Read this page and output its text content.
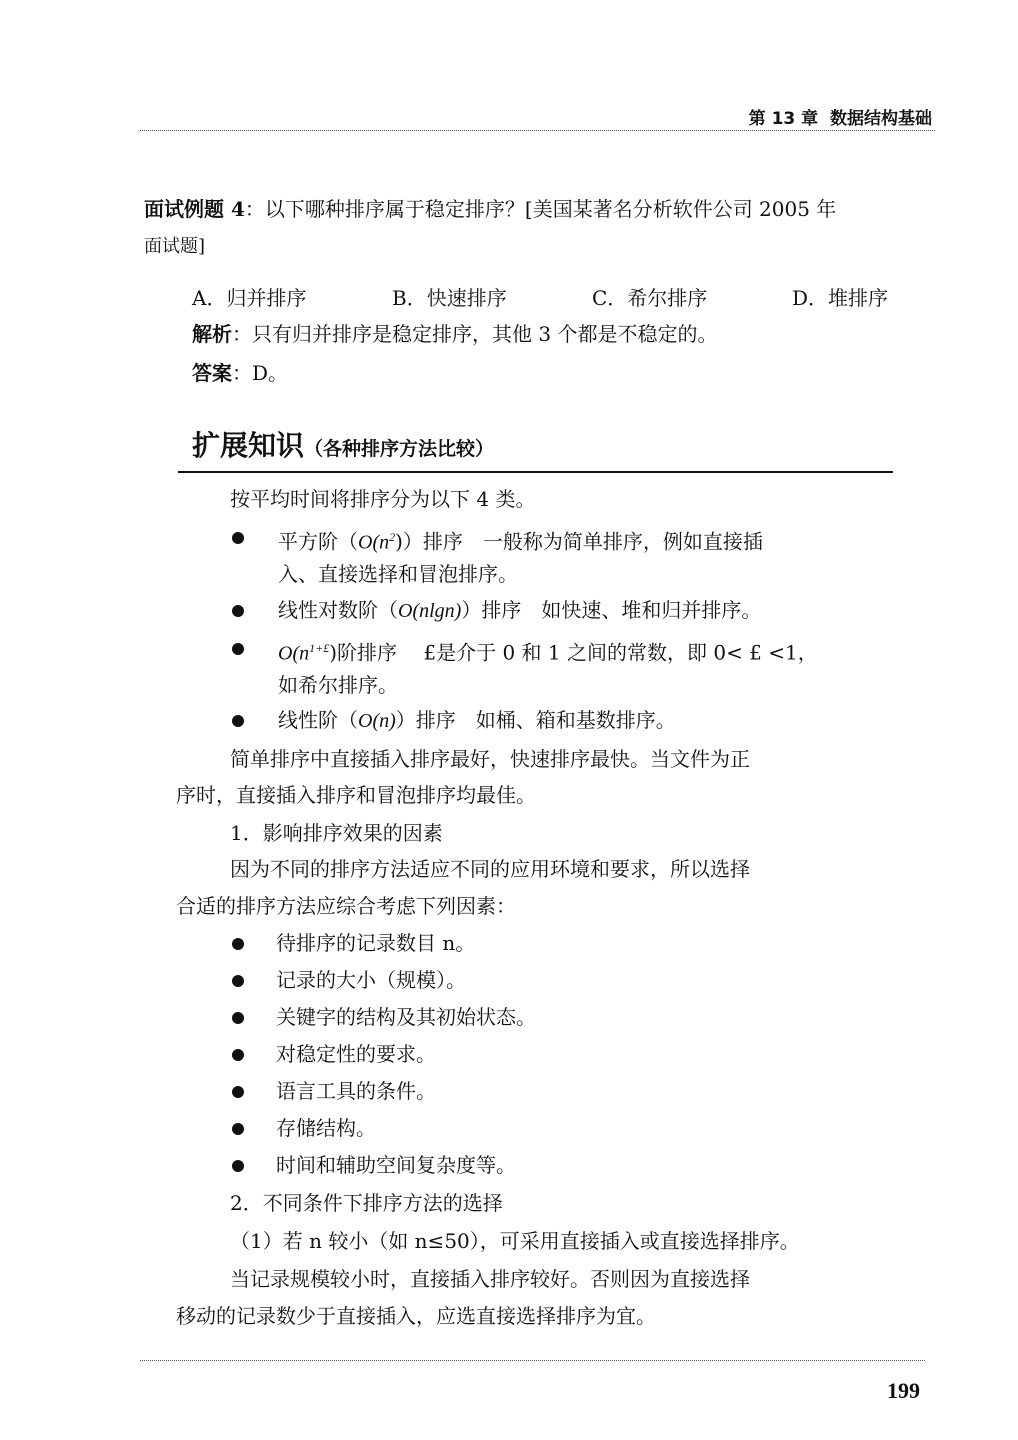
第 13 章 数据结构基础
面试例题 4：以下哪种排序属于稳定排序？[美国某著名分析软件公司 2005 年
面试题]
A．归并排序	B．快速排序	C．希尔排序	D．堆排序
解析：只有归并排序是稳定排序，其他 3 个都是不稳定的。
答案：D。
扩展知识（各种排序方法比较）
按平均时间将排序分为以下 4 类。
平方阶$(O(n^2))$排序　一般称为简单排序，例如直接插
入、直接选择和冒泡排序。
线性对数阶（O(nlgn)）排序　如快速、堆和归并排序。
$O(n^{1+£})$阶排序　 £是介于 0 和 1 之间的常数，即 0< £ <1，
如希尔排序。
线性阶（O(n)）排序　如桶、箱和基数排序。
简单排序中直接插入排序最好，快速排序最快。当文件为正
序时，直接插入排序和冒泡排序均最佳。
1．影响排序效果的因素
因为不同的排序方法适应不同的应用环境和要求，所以选择
合适的排序方法应综合考虑下列因素：
待排序的记录数目 n。
记录的大小（规模）。
关键字的结构及其初始状态。
对稳定性的要求。
语言工具的条件。
存储结构。
时间和辅助空间复杂度等。
2．不同条件下排序方法的选择
（1）若 n 较小（如 n≤50），可采用直接插入或直接选择排序。
当记录规模较小时，直接插入排序较好。否则因为直接选择
移动的记录数少于直接插入，应选直接选择排序为宜。
199
